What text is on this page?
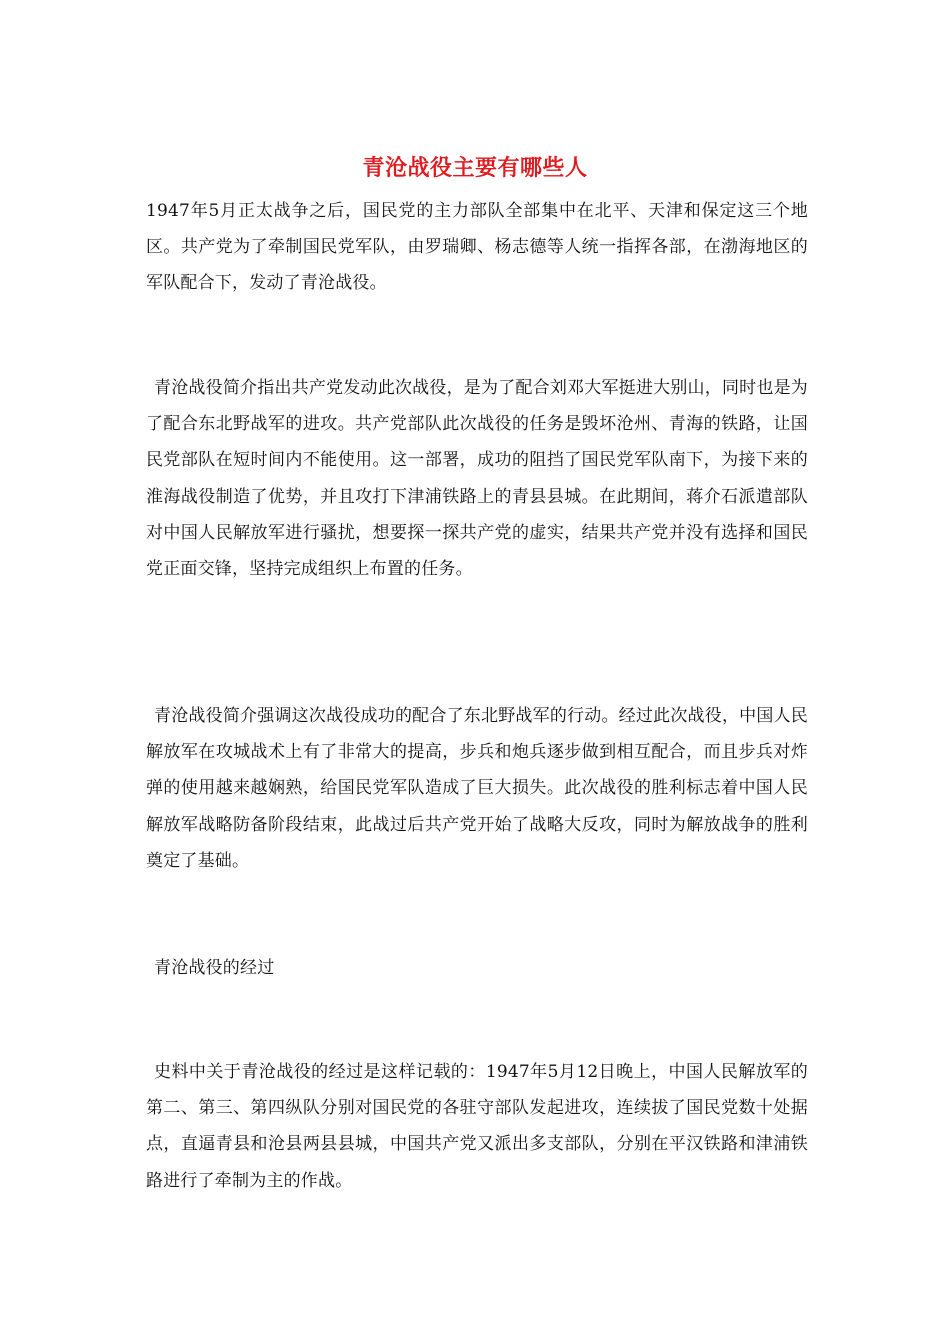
青沧战役主要有哪些人

1947年5月正太战争之后，国民党的主力部队全部集中在北平、天津和保定这三个地区。共产党为了牵制国民党军队，由罗瑞卿、杨志德等人统一指挥各部，在渤海地区的军队配合下，发动了青沧战役。

青沧战役简介指出共产党发动此次战役，是为了配合刘邓大军挺进大别山，同时也是为了配合东北野战军的进攻。共产党部队此次战役的任务是毁坏沧州、青海的铁路，让国民党部队在短时间内不能使用。这一部署，成功的阻挡了国民党军队南下，为接下来的淮海战役制造了优势，并且攻打下津浦铁路上的青县县城。在此期间，蒋介石派遣部队对中国人民解放军进行骚扰，想要探一探共产党的虚实，结果共产党并没有选择和国民党正面交锋，坚持完成组织上布置的任务。

青沧战役简介强调这次战役成功的配合了东北野战军的行动。经过此次战役，中国人民解放军在攻城战术上有了非常大的提高，步兵和炮兵逐步做到相互配合，而且步兵对炸弹的使用越来越娴熟，给国民党军队造成了巨大损失。此次战役的胜利标志着中国人民解放军战略防备阶段结束，此战过后共产党开始了战略大反攻，同时为解放战争的胜利奠定了基础。

青沧战役的经过

史料中关于青沧战役的经过是这样记载的：1947年5月12日晚上，中国人民解放军的第二、第三、第四纵队分别对国民党的各驻守部队发起进攻，连续拔了国民党数十处据点，直逼青县和沧县两县县城，中国共产党又派出多支部队，分别在平汉铁路和津浦铁路进行了牵制为主的作战。
